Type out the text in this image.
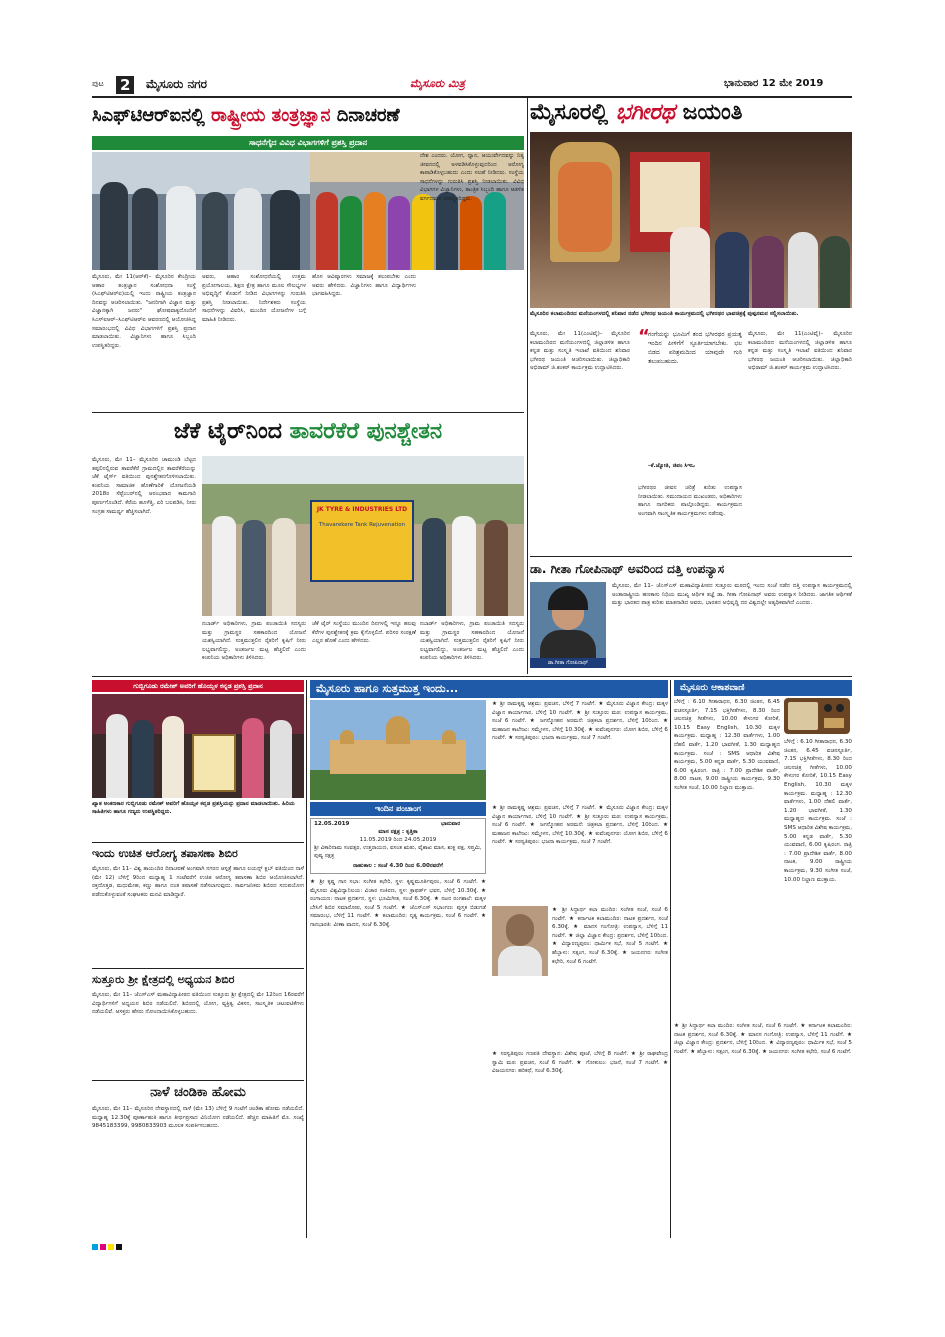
ಪುಟ 2 ಮೈಸೂರು ನಗರ	ಮೈಸೂರು ಮಿತ್ರ	ಭಾನುವಾರ 12 ಮೇ 2019
ಸಿಎಫ್‌ಟಿಆರ್‌ಐನಲ್ಲಿ ರಾಷ್ಟ್ರೀಯ ತಂತ್ರಜ್ಞಾನ ದಿನಾಚರಣೆ
ಸಾಧನೆಗೈದ ವಿವಿಧ ವಿಭಾಗಗಳಿಗೆ ಪ್ರಶಸ್ತಿ ಪ್ರದಾನ
ಮೈಸೂರು, ಮೇ 11(ಆರ್‌ಕೆ)– ಮೈಸೂರಿನ ಕೇಂದ್ರೀಯ ಆಹಾರ ತಂತ್ರಜ್ಞಾನ ಸಂಶೋಧನಾ ಸಂಸ್ಥೆ (ಸಿಎಫ್‌ಟಿಆರ್‌ಐ)ಯಲ್ಲಿ ಇಂದು ರಾಷ್ಟ್ರೀಯ ತಂತ್ರಜ್ಞಾನ ದಿನವನ್ನು ಆಚರಿಸಲಾಯಿತು. "ಜನರಿಗಾಗಿ ವಿಜ್ಞಾನ ಮತ್ತು ವಿಜ್ಞಾನಕ್ಕಾಗಿ ಜನರು" ಘೋಷವಾಕ್ಯದೊಂದಿಗೆ ಸಿಎಸ್‌ಐಆರ್–ಸಿಎಫ್‌ಟಿಆರ್‌ಐ ಆವರಣದಲ್ಲಿ ಆಯೋಜಿಸಿದ್ದ ಸಮಾರಂಭದಲ್ಲಿ ವಿವಿಧ ವಿಭಾಗಗಳಿಗೆ ಪ್ರಶಸ್ತಿ ಪ್ರದಾನ ಮಾಡಲಾಯಿತು. ವಿಜ್ಞಾನಿಗಳು ಹಾಗೂ ಸಿಬ್ಬಂದಿ ಉಪಸ್ಥಿತರಿದ್ದರು.
ಅವರು, ಆಹಾರ ಸಂಶೋಧನೆಯಲ್ಲಿ ಉತ್ತಮ ಪ್ರಯೋಗಾಲಯ, ಶಿಕ್ಷಣ ಕ್ಷೇತ್ರ ಹಾಗೂ ಮೂಲ ಸೌಲಭ್ಯಗಳ ಅಭಿವೃದ್ಧಿಗೆ ಕೊಡುಗೆ ನೀಡಿದ ವಿಭಾಗಗಳನ್ನು ಗುರುತಿಸಿ ಪ್ರಶಸ್ತಿ ನೀಡಲಾಯಿತು. ನಿರ್ದೇಶಕರು ಸಂಸ್ಥೆಯ ಸಾಧನೆಗಳನ್ನು ವಿವರಿಸಿ, ಮುಂದಿನ ಯೋಜನೆಗಳ ಬಗ್ಗೆ ಮಾಹಿತಿ ನೀಡಿದರು.
ಹೊಸ ಆವಿಷ್ಕಾರಗಳು ಸಮಾಜಕ್ಕೆ ತಲುಪಬೇಕು ಎಂದು ಅವರು ಹೇಳಿದರು. ವಿಜ್ಞಾನಿಗಳು ಹಾಗೂ ವಿದ್ಯಾರ್ಥಿಗಳು ಭಾಗವಹಿಸಿದ್ದರು.
ದೇಶ ಎಂದರು. ಯೋಗ, ಧ್ಯಾನ, ಆಯುರ್ವೇದವನ್ನು ನಿತ್ಯ ಜೀವನದಲ್ಲಿ ಅಳವಡಿಸಿಕೊಳ್ಳುವುದರಿಂದ ಆರೋಗ್ಯ ಕಾಪಾಡಿಕೊಳ್ಳಬಹುದು ಎಂದು ಸಲಹೆ ನೀಡಿದರು. ಸಂಸ್ಥೆಯ ಸಾಧನೆಗಳನ್ನು ಗುರುತಿಸಿ ಪ್ರಶಸ್ತಿ ನೀಡಲಾಯಿತು. ವಿವಿಧ ವಿಭಾಗಗಳ ವಿಜ್ಞಾನಿಗಳು, ತಾಂತ್ರಿಕ ಸಿಬ್ಬಂದಿ ಹಾಗೂ ಆಡಳಿತ ವರ್ಗದವರು ಉಪಸ್ಥಿತರಿದ್ದರು.
ಮೈಸೂರಲ್ಲಿ ಭಗೀರಥ ಜಯಂತಿ
ಮೈಸೂರಿನ ಕಲಾಮಂದಿರದ ಮನೆಯಂಗಳದಲ್ಲಿ ಶನಿವಾರ ನಡೆದ ಭಗೀರಥ ಜಯಂತಿ ಕಾರ್ಯಕ್ರಮದಲ್ಲಿ ಭಗೀರಥರ ಭಾವಚಿತ್ರಕ್ಕೆ ಪುಷ್ಪನಮನ ಸಲ್ಲಿಸಲಾಯಿತು.
ಮೈಸೂರು, ಮೇ 11(ಎಂಟಿವೈ)– ಮೈಸೂರಿನ ಕಲಾಮಂದಿರದ ಮನೆಯಂಗಳದಲ್ಲಿ ಜಿಲ್ಲಾಡಳಿತ ಹಾಗೂ ಕನ್ನಡ ಮತ್ತು ಸಂಸ್ಕೃತಿ ಇಲಾಖೆ ವತಿಯಿಂದ ಶನಿವಾರ ಭಗೀರಥ ಜಯಂತಿ ಆಚರಿಸಲಾಯಿತು. ಜಿಲ್ಲಾಧಿಕಾರಿ ಅಭಿರಾಮ್ ಜಿ.ಶಂಕರ್ ಕಾರ್ಯಕ್ರಮ ಉದ್ಘಾಟಿಸಿದರು.
“
ಗಂಗೆಯನ್ನು ಭೂಮಿಗೆ ತಂದ ಭಗೀರಥರ ಪ್ರಯತ್ನ ಇಂದಿನ ಪೀಳಿಗೆಗೆ ಸ್ಫೂರ್ತಿಯಾಗಬೇಕು. ಛಲ ಬಿಡದ ಪರಿಶ್ರಮದಿಂದ ಯಾವುದೇ ಗುರಿ ತಲುಪಬಹುದು.
–ಕೆ.ಜ್ಯೋತಿ, ಜಿಪಂ ಸಿಇಒ
ಭಗೀರಥರ ಜೀವನ ಚರಿತ್ರೆ ಕುರಿತು ಉಪನ್ಯಾಸ ನೀಡಲಾಯಿತು. ಸಮುದಾಯದ ಮುಖಂಡರು, ಅಧಿಕಾರಿಗಳು ಹಾಗೂ ನಾಗರಿಕರು ಪಾಲ್ಗೊಂಡಿದ್ದರು. ಕಾರ್ಯಕ್ರಮದ ಅಂಗವಾಗಿ ಸಾಂಸ್ಕೃತಿಕ ಕಾರ್ಯಕ್ರಮಗಳು ನಡೆದವು.
ಮೈಸೂರು, ಮೇ 11(ಎಂಟಿವೈ)– ಮೈಸೂರಿನ ಕಲಾಮಂದಿರದ ಮನೆಯಂಗಳದಲ್ಲಿ ಜಿಲ್ಲಾಡಳಿತ ಹಾಗೂ ಕನ್ನಡ ಮತ್ತು ಸಂಸ್ಕೃತಿ ಇಲಾಖೆ ವತಿಯಿಂದ ಶನಿವಾರ ಭಗೀರಥ ಜಯಂತಿ ಆಚರಿಸಲಾಯಿತು. ಜಿಲ್ಲಾಧಿಕಾರಿ ಅಭಿರಾಮ್ ಜಿ.ಶಂಕರ್ ಕಾರ್ಯಕ್ರಮ ಉದ್ಘಾಟಿಸಿದರು.
ಜೆಕೆ ಟೈರ್‌ನಿಂದ ತಾವರೆಕೆರೆ ಪುನಶ್ಚೇತನ
ಮೈಸೂರು, ಮೇ 11– ಮೈಸೂರಿನ ಚಾಮುಂಡಿ ಬೆಟ್ಟದ ತಪ್ಪಲಿನಲ್ಲಿರುವ ತಾವರೆಕೆರೆ ಗ್ರಾಮದಲ್ಲಿನ ತಾವರೆಕೆರೆಯನ್ನು ಜೆಕೆ ಟೈರ್ಸ್ ವತಿಯಿಂದ ಪುನಶ್ಚೇತನಗೊಳಿಸಲಾಯಿತು. ಕಂಪನಿಯ ಸಾಮಾಜಿಕ ಹೊಣೆಗಾರಿಕೆ ಯೋಜನೆಯಡಿ 2018ರ ಸೆಪ್ಟೆಂಬರ್‌ನಲ್ಲಿ ಆರಂಭವಾದ ಕಾಮಗಾರಿ ಪೂರ್ಣಗೊಂಡಿದೆ. ಕೆರೆಯ ಹೂಳೆತ್ತಿ, ಏರಿ ಬಲಪಡಿಸಿ, ನೀರು ಸಂಗ್ರಹ ಸಾಮರ್ಥ್ಯ ಹೆಚ್ಚಿಸಲಾಗಿದೆ.	JK TYRE & INDUSTRIES LTD
Thavarekere Tank Rejuvenation
ನಬಾರ್ಡ್ ಅಧಿಕಾರಿಗಳು, ಗ್ರಾಮ ಪಂಚಾಯಿತಿ ಸದಸ್ಯರು ಮತ್ತು ಗ್ರಾಮಸ್ಥರ ಸಹಕಾರದಿಂದ ಯೋಜನೆ ಯಶಸ್ವಿಯಾಗಿದೆ. ಸುತ್ತಮುತ್ತಲಿನ ರೈತರಿಗೆ ಕೃಷಿಗೆ ನೀರು ಲಭ್ಯವಾಗಲಿದ್ದು, ಅಂತರ್ಜಲ ಮಟ್ಟ ಹೆಚ್ಚಲಿದೆ ಎಂದು ಕಂಪನಿಯ ಅಧಿಕಾರಿಗಳು ತಿಳಿಸಿದರು.
ಜೆಕೆ ಟೈರ್ ಸಂಸ್ಥೆಯು ಮುಂದಿನ ದಿನಗಳಲ್ಲಿ ಇನ್ನೂ ಹಲವು ಕೆರೆಗಳ ಪುನಶ್ಚೇತನಕ್ಕೆ ಕ್ರಮ ಕೈಗೊಳ್ಳಲಿದೆ. ಪರಿಸರ ಸಂರಕ್ಷಣೆ ಎಲ್ಲರ ಹೊಣೆ ಎಂದು ಹೇಳಿದರು.
ನಬಾರ್ಡ್ ಅಧಿಕಾರಿಗಳು, ಗ್ರಾಮ ಪಂಚಾಯಿತಿ ಸದಸ್ಯರು ಮತ್ತು ಗ್ರಾಮಸ್ಥರ ಸಹಕಾರದಿಂದ ಯೋಜನೆ ಯಶಸ್ವಿಯಾಗಿದೆ. ಸುತ್ತಮುತ್ತಲಿನ ರೈತರಿಗೆ ಕೃಷಿಗೆ ನೀರು ಲಭ್ಯವಾಗಲಿದ್ದು, ಅಂತರ್ಜಲ ಮಟ್ಟ ಹೆಚ್ಚಲಿದೆ ಎಂದು ಕಂಪನಿಯ ಅಧಿಕಾರಿಗಳು ತಿಳಿಸಿದರು.
ಡಾ. ಗೀತಾ ಗೋಪಿನಾಥ್ ಅವರಿಂದ ದತ್ತಿ ಉಪನ್ಯಾಸ
ಡಾ.ಗೀತಾ ಗೋಪಿನಾಥ್
ಮೈಸೂರು, ಮೇ 11– ಜೆಎಸ್‌ಎಸ್ ಮಹಾವಿದ್ಯಾಪೀಠದ ಸುತ್ತೂರು ಮಠದಲ್ಲಿ ಇಂದು ಸಂಜೆ ನಡೆದ ದತ್ತಿ ಉಪನ್ಯಾಸ ಕಾರ್ಯಕ್ರಮದಲ್ಲಿ ಅಂತಾರಾಷ್ಟ್ರೀಯ ಹಣಕಾಸು ನಿಧಿಯ ಮುಖ್ಯ ಆರ್ಥಿಕ ತಜ್ಞೆ ಡಾ. ಗೀತಾ ಗೋಪಿನಾಥ್ ಅವರು ಉಪನ್ಯಾಸ ನೀಡಿದರು. ಜಾಗತಿಕ ಆರ್ಥಿಕತೆ ಮತ್ತು ಭಾರತದ ಪಾತ್ರ ಕುರಿತು ಮಾತನಾಡಿದ ಅವರು, ಭಾರತದ ಅಭಿವೃದ್ಧಿ ದರ ವಿಶ್ವದಲ್ಲೇ ಅತ್ಯಧಿಕವಾಗಿದೆ ಎಂದರು.
ಗುಬ್ಬಿಗೂಡು ರಮೇಶ್ ಅವರಿಗೆ ಹೊಯ್ಸಳ ಕನ್ನಡ ಪ್ರಶಸ್ತಿ ಪ್ರದಾನ
ಖ್ಯಾತ ಅಂಕಣಕಾರ ಗುಬ್ಬಿಗೂಡು ರಮೇಶ್ ಅವರಿಗೆ ಹೊಯ್ಸಳ ಕನ್ನಡ ಪ್ರಶಸ್ತಿಯನ್ನು ಪ್ರದಾನ ಮಾಡಲಾಯಿತು. ಹಿರಿಯ ಸಾಹಿತಿಗಳು ಹಾಗೂ ಗಣ್ಯರು ಉಪಸ್ಥಿತರಿದ್ದರು.
ಇಂದು ಉಚಿತ ಆರೋಗ್ಯ ತಪಾಸಣಾ ಶಿಬಿರ
ಮೈಸೂರು, ಮೇ 11– ವಿಶ್ವ ತಾಯಂದಿರ ದಿನಾಚರಣೆ ಅಂಗವಾಗಿ ನಗರದ ಆಸ್ಪತ್ರೆ ಹಾಗೂ ಲಯನ್ಸ್ ಕ್ಲಬ್ ವತಿಯಿಂದ ನಾಳೆ (ಮೇ 12) ಬೆಳಿಗ್ಗೆ 9ರಿಂದ ಮಧ್ಯಾಹ್ನ 1 ಗಂಟೆವರೆಗೆ ಉಚಿತ ಆರೋಗ್ಯ ತಪಾಸಣಾ ಶಿಬಿರ ಆಯೋಜಿಸಲಾಗಿದೆ. ರಕ್ತದೊತ್ತಡ, ಮಧುಮೇಹ, ಕಣ್ಣು ಹಾಗೂ ದಂತ ತಪಾಸಣೆ ನಡೆಸಲಾಗುವುದು. ಸಾರ್ವಜನಿಕರು ಶಿಬಿರದ ಸದುಪಯೋಗ ಪಡೆದುಕೊಳ್ಳುವಂತೆ ಸಂಘಟಕರು ಮನವಿ ಮಾಡಿದ್ದಾರೆ.
ಸುತ್ತೂರು ಶ್ರೀ ಕ್ಷೇತ್ರದಲ್ಲಿ ಅಧ್ಯಯನ ಶಿಬಿರ
ಮೈಸೂರು, ಮೇ 11– ಜೆಎಸ್‌ಎಸ್ ಮಹಾವಿದ್ಯಾಪೀಠದ ವತಿಯಿಂದ ಸುತ್ತೂರು ಶ್ರೀ ಕ್ಷೇತ್ರದಲ್ಲಿ ಮೇ 12ರಿಂದ 16ರವರೆಗೆ ವಿದ್ಯಾರ್ಥಿಗಳಿಗೆ ಅಧ್ಯಯನ ಶಿಬಿರ ನಡೆಯಲಿದೆ. ಶಿಬಿರದಲ್ಲಿ ಯೋಗ, ವ್ಯಕ್ತಿತ್ವ ವಿಕಸನ, ಸಾಂಸ್ಕೃತಿಕ ಚಟುವಟಿಕೆಗಳು ನಡೆಯಲಿವೆ. ಆಸಕ್ತರು ಹೆಸರು ನೋಂದಾಯಿಸಿಕೊಳ್ಳಬಹುದು.
ನಾಳೆ ಚಂಡಿಕಾ ಹೋಮ
ಮೈಸೂರು, ಮೇ 11– ಮೈಸೂರಿನ ದೇವಸ್ಥಾನದಲ್ಲಿ ನಾಳೆ (ಮೇ 13) ಬೆಳಿಗ್ಗೆ 9 ಗಂಟೆಗೆ ಚಂಡಿಕಾ ಹೋಮ ನಡೆಯಲಿದೆ. ಮಧ್ಯಾಹ್ನ 12.30ಕ್ಕೆ ಪೂರ್ಣಾಹುತಿ ಹಾಗೂ ತೀರ್ಥಪ್ರಸಾದ ವಿನಿಯೋಗ ನಡೆಯಲಿದೆ. ಹೆಚ್ಚಿನ ಮಾಹಿತಿಗೆ ಮೊ. ಸಂಖ್ಯೆ 9845183399, 9980833903 ಮೂಲಕ ಸಂಪರ್ಕಿಸಬಹುದು.
ಮೈಸೂರು ಹಾಗೂ ಸುತ್ತಮುತ್ತ ಇಂದು...
★ ಶ್ರೀ ರಾಮಕೃಷ್ಣ ಆಶ್ರಮ: ಪ್ರವಚನ, ಬೆಳಿಗ್ಗೆ 7 ಗಂಟೆಗೆ. ★ ಮೈಸೂರು ವಿಜ್ಞಾನ ಕೇಂದ್ರ: ಮಕ್ಕಳ ವಿಜ್ಞಾನ ಕಾರ್ಯಾಗಾರ, ಬೆಳಿಗ್ಗೆ 10 ಗಂಟೆಗೆ. ★ ಶ್ರೀ ಸುತ್ತೂರು ಮಠ: ಉಪನ್ಯಾಸ ಕಾರ್ಯಕ್ರಮ, ಸಂಜೆ 6 ಗಂಟೆಗೆ. ★ ಜಗನ್ಮೋಹನ ಅರಮನೆ: ಚಿತ್ರಕಲಾ ಪ್ರದರ್ಶನ, ಬೆಳಿಗ್ಗೆ 10ರಿಂದ. ★ ಮಹಾಜನ ಕಾಲೇಜು: ಸಮ್ಮೇಳನ, ಬೆಳಿಗ್ಗೆ 10.30ಕ್ಕೆ. ★ ಕುವೆಂಪುನಗರ: ಯೋಗ ಶಿಬಿರ, ಬೆಳಿಗ್ಗೆ 6 ಗಂಟೆಗೆ. ★ ಸರಸ್ವತಿಪುರಂ: ಭಜನಾ ಕಾರ್ಯಕ್ರಮ, ಸಂಜೆ 7 ಗಂಟೆಗೆ.
ಇಂದಿನ ಪಂಚಾಂಗ
12.05.2019	ಭಾನುವಾರ
ಮಾಸ ನಕ್ಷತ್ರ : ಕೃತ್ತಿಕಾ
11.05.2019 ರಿಂದ 24.05.2019
ಶ್ರೀ ವಿಕಾರಿನಾಮ ಸಂವತ್ಸರ, ಉತ್ತರಾಯಣ, ವಸಂತ ಋತು, ವೈಶಾಖ ಮಾಸ, ಶುಕ್ಲ ಪಕ್ಷ, ಸಪ್ತಮಿ, ಪುಷ್ಯ ನಕ್ಷತ್ರ
ರಾಹುಕಾಲ : ಸಂಜೆ 4.30 ರಿಂದ 6.00ರವರೆಗೆ
★ ಶ್ರೀ ಕೃಷ್ಣ ಗಾನ ಸಭಾ: ಸಂಗೀತ ಕಛೇರಿ, ಸ್ಥಳ: ಕೃಷ್ಣಮೂರ್ತಿಪುರಂ, ಸಂಜೆ 6 ಗಂಟೆಗೆ. ★ ಮೈಸೂರು ವಿಶ್ವವಿದ್ಯಾನಿಲಯ: ವಿಚಾರ ಸಂಕಿರಣ, ಸ್ಥಳ: ಕ್ರಾಫರ್ಡ್ ಭವನ, ಬೆಳಿಗ್ಗೆ 10.30ಕ್ಕೆ. ★ ರಂಗಾಯಣ: ನಾಟಕ ಪ್ರದರ್ಶನ, ಸ್ಥಳ: ಭೂಮಿಗೀತ, ಸಂಜೆ 6.30ಕ್ಕೆ. ★ ನಟನ ರಂಗಶಾಲೆ: ಮಕ್ಕಳ ಬೇಸಿಗೆ ಶಿಬಿರ ಸಮಾರೋಪ, ಸಂಜೆ 5 ಗಂಟೆಗೆ. ★ ಜೆಎಸ್‌ಎಸ್ ಸಭಾಂಗಣ: ಪುಸ್ತಕ ಬಿಡುಗಡೆ ಸಮಾರಂಭ, ಬೆಳಿಗ್ಗೆ 11 ಗಂಟೆಗೆ. ★ ಕಲಾಮಂದಿರ: ನೃತ್ಯ ಕಾರ್ಯಕ್ರಮ, ಸಂಜೆ 6 ಗಂಟೆಗೆ. ★ ಗಾನಭಾರತಿ: ವೀಣಾ ವಾದನ, ಸಂಜೆ 6.30ಕ್ಕೆ.
★ ಶ್ರೀ ರಾಮಕೃಷ್ಣ ಆಶ್ರಮ: ಪ್ರವಚನ, ಬೆಳಿಗ್ಗೆ 7 ಗಂಟೆಗೆ. ★ ಮೈಸೂರು ವಿಜ್ಞಾನ ಕೇಂದ್ರ: ಮಕ್ಕಳ ವಿಜ್ಞಾನ ಕಾರ್ಯಾಗಾರ, ಬೆಳಿಗ್ಗೆ 10 ಗಂಟೆಗೆ. ★ ಶ್ರೀ ಸುತ್ತೂರು ಮಠ: ಉಪನ್ಯಾಸ ಕಾರ್ಯಕ್ರಮ, ಸಂಜೆ 6 ಗಂಟೆಗೆ. ★ ಜಗನ್ಮೋಹನ ಅರಮನೆ: ಚಿತ್ರಕಲಾ ಪ್ರದರ್ಶನ, ಬೆಳಿಗ್ಗೆ 10ರಿಂದ. ★ ಮಹಾಜನ ಕಾಲೇಜು: ಸಮ್ಮೇಳನ, ಬೆಳಿಗ್ಗೆ 10.30ಕ್ಕೆ. ★ ಕುವೆಂಪುನಗರ: ಯೋಗ ಶಿಬಿರ, ಬೆಳಿಗ್ಗೆ 6 ಗಂಟೆಗೆ. ★ ಸರಸ್ವತಿಪುರಂ: ಭಜನಾ ಕಾರ್ಯಕ್ರಮ, ಸಂಜೆ 7 ಗಂಟೆಗೆ.
★ ಶ್ರೀ ಸಿದ್ಧಾರ್ಥ ಕಲಾ ಮಂದಿರ: ಸಂಗೀತ ಸಂಜೆ, ಸಂಜೆ 6 ಗಂಟೆಗೆ. ★ ಕರ್ನಾಟಕ ಕಲಾಮಂದಿರ: ನಾಟಕ ಪ್ರದರ್ಶನ, ಸಂಜೆ 6.30ಕ್ಕೆ. ★ ಮಾನಸ ಗಂಗೋತ್ರಿ: ಉಪನ್ಯಾಸ, ಬೆಳಿಗ್ಗೆ 11 ಗಂಟೆಗೆ. ★ ಜಿಲ್ಲಾ ವಿಜ್ಞಾನ ಕೇಂದ್ರ: ಪ್ರದರ್ಶನ, ಬೆಳಿಗ್ಗೆ 10ರಿಂದ. ★ ವಿದ್ಯಾರಣ್ಯಪುರಂ: ಧಾರ್ಮಿಕ ಸಭೆ, ಸಂಜೆ 5 ಗಂಟೆಗೆ. ★ ಹೆಬ್ಬಾಳು: ಸತ್ಸಂಗ, ಸಂಜೆ 6.30ಕ್ಕೆ. ★ ಜಯನಗರ: ಸಂಗೀತ ಕಛೇರಿ, ಸಂಜೆ 6 ಗಂಟೆಗೆ.
★ ಸರಸ್ವತಿಪುರಂ ಗಣಪತಿ ದೇವಸ್ಥಾನ: ವಿಶೇಷ ಪೂಜೆ, ಬೆಳಿಗ್ಗೆ 8 ಗಂಟೆಗೆ. ★ ಶ್ರೀ ರಾಘವೇಂದ್ರ ಸ್ವಾಮಿ ಮಠ: ಪ್ರವಚನ, ಸಂಜೆ 6 ಗಂಟೆಗೆ. ★ ಗೋಕುಲಂ: ಭಜನೆ, ಸಂಜೆ 7 ಗಂಟೆಗೆ. ★ ವಿಜಯನಗರ: ಹರಿಕಥೆ, ಸಂಜೆ 6.30ಕ್ಕೆ.
ಮೈಸೂರು ಆಕಾಶವಾಣಿ
ಬೆಳಿಗ್ಗೆ : 6.10 ಗೀತಾರಾಧನ, 6.30 ಚಿಂತನ, 6.45 ವಚನಸ್ಫೂರ್ತಿ, 7.15 ಭಕ್ತಿಗೀತೆಗಳು, 8.30 ರಿಂದ ಚಲನಚಿತ್ರ ಗೀತೆಗಳು, 10.00 ಕೇಳುಗರ ಕೋರಿಕೆ, 10.15 Easy English, 10.30 ಮಕ್ಕಳ ಕಾರ್ಯಕ್ರಮ. ಮಧ್ಯಾಹ್ನ : 12.30 ವಾರ್ತೆಗಳು, 1.00 ದೆಹಲಿ ವಾರ್ತೆ, 1.20 ಭಾವಗೀತೆ, 1.30 ಮಧ್ಯಾಹ್ನದ ಕಾರ್ಯಕ್ರಮ. ಸಂಜೆ : SMS ಆಧಾರಿತ ವಿಶೇಷ ಕಾರ್ಯಕ್ರಮ, 5.00 ಕನ್ನಡ ವಾರ್ತೆ, 5.30 ಯುವವಾಣಿ, 6.00 ಕೃಷಿರಂಗ. ರಾತ್ರಿ : 7.00 ಪ್ರಾದೇಶಿಕ ವಾರ್ತೆ, 8.00 ನಾಟಕ, 9.00 ರಾಷ್ಟ್ರೀಯ ಕಾರ್ಯಕ್ರಮ, 9.30 ಸಂಗೀತ ಸಂಜೆ, 10.00 ನಿಲ್ದಾಣ ಮುಕ್ತಾಯ.
ಬೆಳಿಗ್ಗೆ : 6.10 ಗೀತಾರಾಧನ, 6.30 ಚಿಂತನ, 6.45 ವಚನಸ್ಫೂರ್ತಿ, 7.15 ಭಕ್ತಿಗೀತೆಗಳು, 8.30 ರಿಂದ ಚಲನಚಿತ್ರ ಗೀತೆಗಳು, 10.00 ಕೇಳುಗರ ಕೋರಿಕೆ, 10.15 Easy English, 10.30 ಮಕ್ಕಳ ಕಾರ್ಯಕ್ರಮ. ಮಧ್ಯಾಹ್ನ : 12.30 ವಾರ್ತೆಗಳು, 1.00 ದೆಹಲಿ ವಾರ್ತೆ, 1.20 ಭಾವಗೀತೆ, 1.30 ಮಧ್ಯಾಹ್ನದ ಕಾರ್ಯಕ್ರಮ. ಸಂಜೆ : SMS ಆಧಾರಿತ ವಿಶೇಷ ಕಾರ್ಯಕ್ರಮ, 5.00 ಕನ್ನಡ ವಾರ್ತೆ, 5.30 ಯುವವಾಣಿ, 6.00 ಕೃಷಿರಂಗ. ರಾತ್ರಿ : 7.00 ಪ್ರಾದೇಶಿಕ ವಾರ್ತೆ, 8.00 ನಾಟಕ, 9.00 ರಾಷ್ಟ್ರೀಯ ಕಾರ್ಯಕ್ರಮ, 9.30 ಸಂಗೀತ ಸಂಜೆ, 10.00 ನಿಲ್ದಾಣ ಮುಕ್ತಾಯ.
★ ಶ್ರೀ ಸಿದ್ಧಾರ್ಥ ಕಲಾ ಮಂದಿರ: ಸಂಗೀತ ಸಂಜೆ, ಸಂಜೆ 6 ಗಂಟೆಗೆ. ★ ಕರ್ನಾಟಕ ಕಲಾಮಂದಿರ: ನಾಟಕ ಪ್ರದರ್ಶನ, ಸಂಜೆ 6.30ಕ್ಕೆ. ★ ಮಾನಸ ಗಂಗೋತ್ರಿ: ಉಪನ್ಯಾಸ, ಬೆಳಿಗ್ಗೆ 11 ಗಂಟೆಗೆ. ★ ಜಿಲ್ಲಾ ವಿಜ್ಞಾನ ಕೇಂದ್ರ: ಪ್ರದರ್ಶನ, ಬೆಳಿಗ್ಗೆ 10ರಿಂದ. ★ ವಿದ್ಯಾರಣ್ಯಪುರಂ: ಧಾರ್ಮಿಕ ಸಭೆ, ಸಂಜೆ 5 ಗಂಟೆಗೆ. ★ ಹೆಬ್ಬಾಳು: ಸತ್ಸಂಗ, ಸಂಜೆ 6.30ಕ್ಕೆ. ★ ಜಯನಗರ: ಸಂಗೀತ ಕಛೇರಿ, ಸಂಜೆ 6 ಗಂಟೆಗೆ.
